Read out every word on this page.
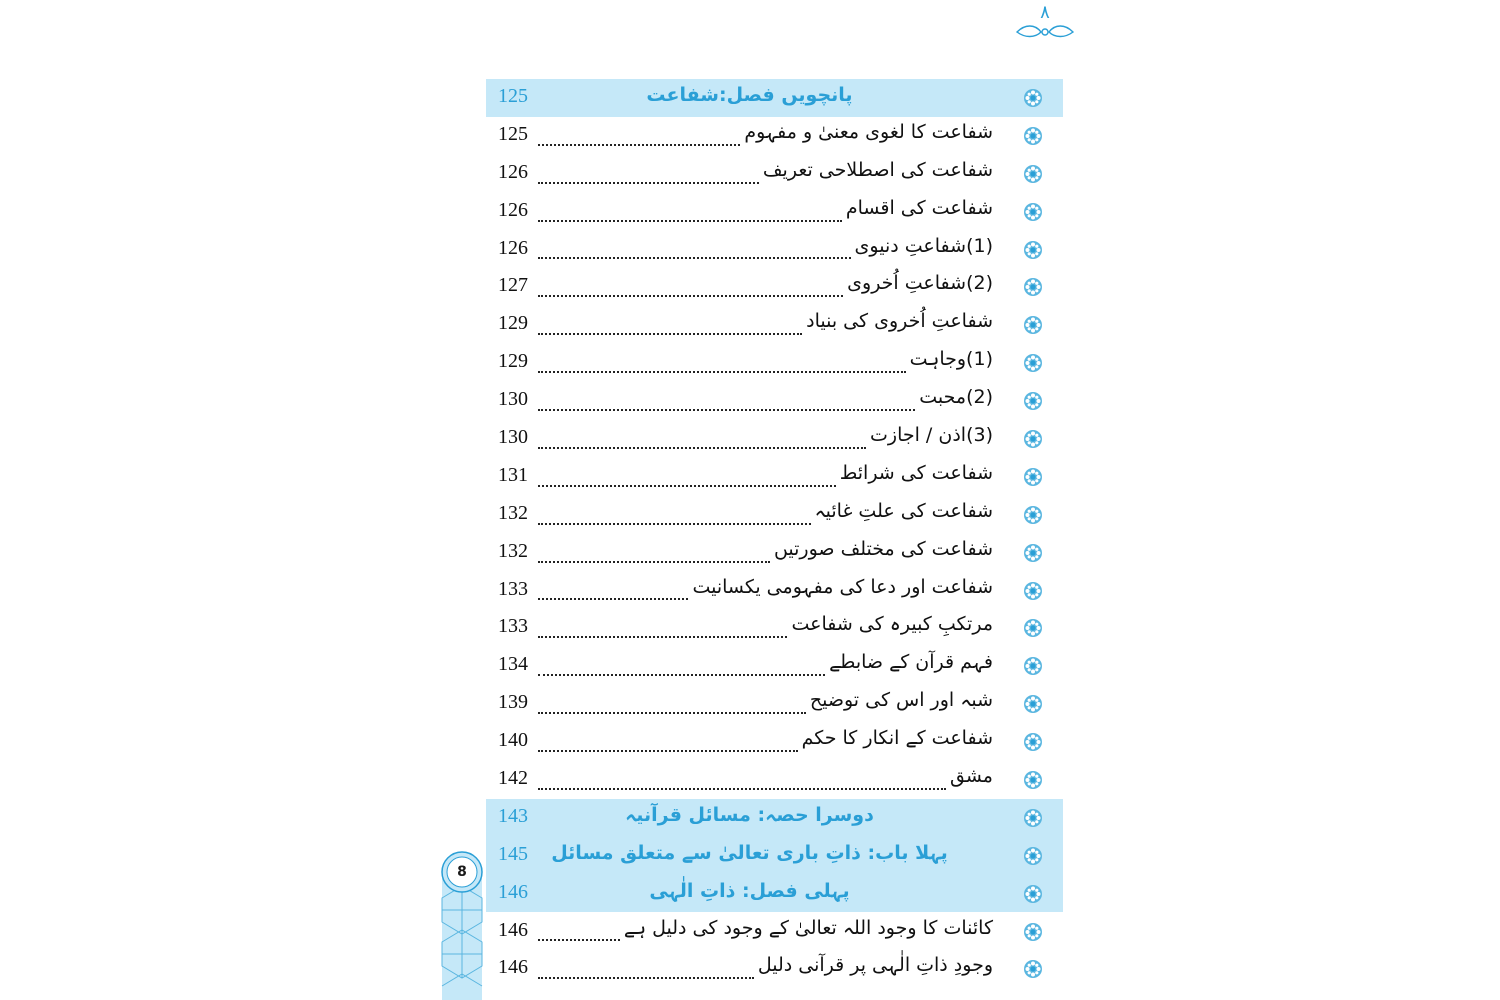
۸
8
پانچویں فصل:شفاعت
125
شفاعت کا لغوی معنیٰ و مفہوم
125
شفاعت کی اصطلاحی تعریف
126
شفاعت کی اقسام
126
(1)شفاعتِ دنیوی
126
(2)شفاعتِ اُخروی
127
شفاعتِ اُخروی کی بنیاد
129
(1)وجاہت
129
(2)محبت
130
(3)اذن / اجازت
130
شفاعت کی شرائط
131
شفاعت کی علتِ غائیہ
132
شفاعت کی مختلف صورتیں
132
شفاعت اور دعا کی مفہومی یکسانیت
133
مرتکبِ کبیرہ کی شفاعت
133
فہم قرآن کے ضابطے
134
شبہ اور اس کی توضیح
139
شفاعت کے انکار کا حکم
140
مشق
142
دوسرا حصہ: مسائل قرآنیہ
143
پہلا باب: ذاتِ باری تعالیٰ سے متعلق مسائل
145
پہلی فصل: ذاتِ الٰہی
146
کائنات کا وجود اللہ تعالیٰ کے وجود کی دلیل ہے
146
وجودِ ذاتِ الٰہی پر قرآنی دلیل
146
